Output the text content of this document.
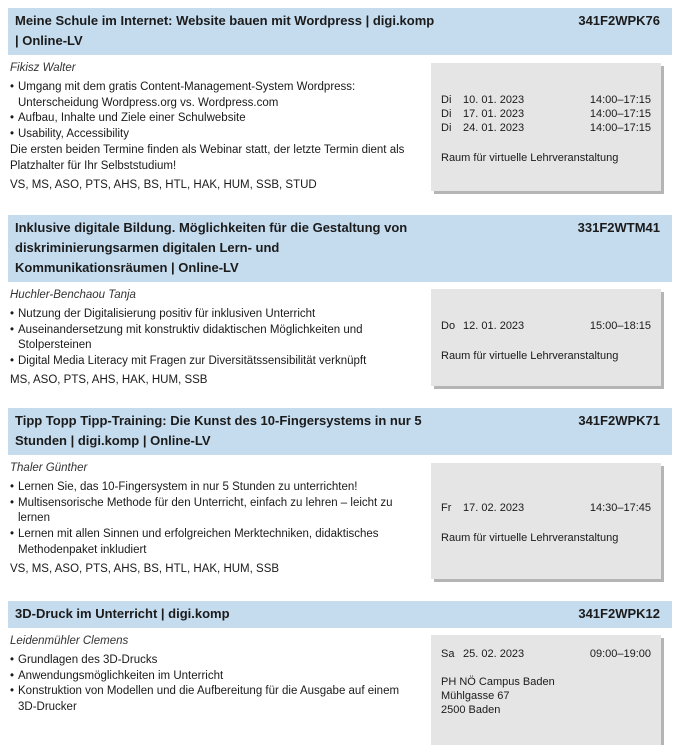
Meine Schule im Internet: Website bauen mit Wordpress | digi.komp | Online-LV
341F2WPK76
Fikisz Walter
• Umgang mit dem gratis Content-Management-System Wordpress: Unterscheidung Wordpress.org vs. Wordpress.com
• Aufbau, Inhalte und Ziele einer Schulwebsite
• Usability, Accessibility

Die ersten beiden Termine finden als Webinar statt, der letzte Termin dient als Platzhalter für Ihr Selbststudium!

VS, MS, ASO, PTS, AHS, BS, HTL, HAK, HUM, SSB, STUD
Di	10. 01. 2023	14:00–17:15
Di	17. 01. 2023	14:00–17:15
Di	24. 01. 2023	14:00–17:15
Raum für virtuelle Lehrveranstaltung
Inklusive digitale Bildung. Möglichkeiten für die Gestaltung von diskriminierungsarmen digitalen Lern- und Kommunikationsräumen | Online-LV
331F2WTM41
Huchler-Benchaou Tanja
• Nutzung der Digitalisierung positiv für inklusiven Unterricht
• Auseinandersetzung mit konstruktiv didaktischen Möglichkeiten und Stolpersteinen
• Digital Media Literacy mit Fragen zur Diversitätssensibilität verknüpft
MS, ASO, PTS, AHS, HAK, HUM, SSB
Do 12. 01. 2023	15:00–18:15
Raum für virtuelle Lehrveranstaltung
Tipp Topp Tipp-Training: Die Kunst des 10-Fingersystems in nur 5 Stunden | digi.komp | Online-LV
341F2WPK71
Thaler Günther
• Lernen Sie, das 10-Fingersystem in nur 5 Stunden zu unterrichten!
• Multisensorische Methode für den Unterricht, einfach zu lehren – leicht zu lernen
• Lernen mit allen Sinnen und erfolgreichen Merktechniken, didaktisches Methodenpaket inkludiert
VS, MS, ASO, PTS, AHS, BS, HTL, HAK, HUM, SSB
Fr	17. 02. 2023	14:30–17:45
Raum für virtuelle Lehrveranstaltung
3D-Druck im Unterricht | digi.komp	341F2WPK12
Leidenmühler Clemens
• Grundlagen des 3D-Drucks
• Anwendungsmöglichkeiten im Unterricht
• Konstruktion von Modellen und die Aufbereitung für die Ausgabe auf einem 3D-Drucker
Sa 25. 02. 2023	09:00–19:00
PH NÖ Campus Baden
Mühlgasse 67
2500 Baden
